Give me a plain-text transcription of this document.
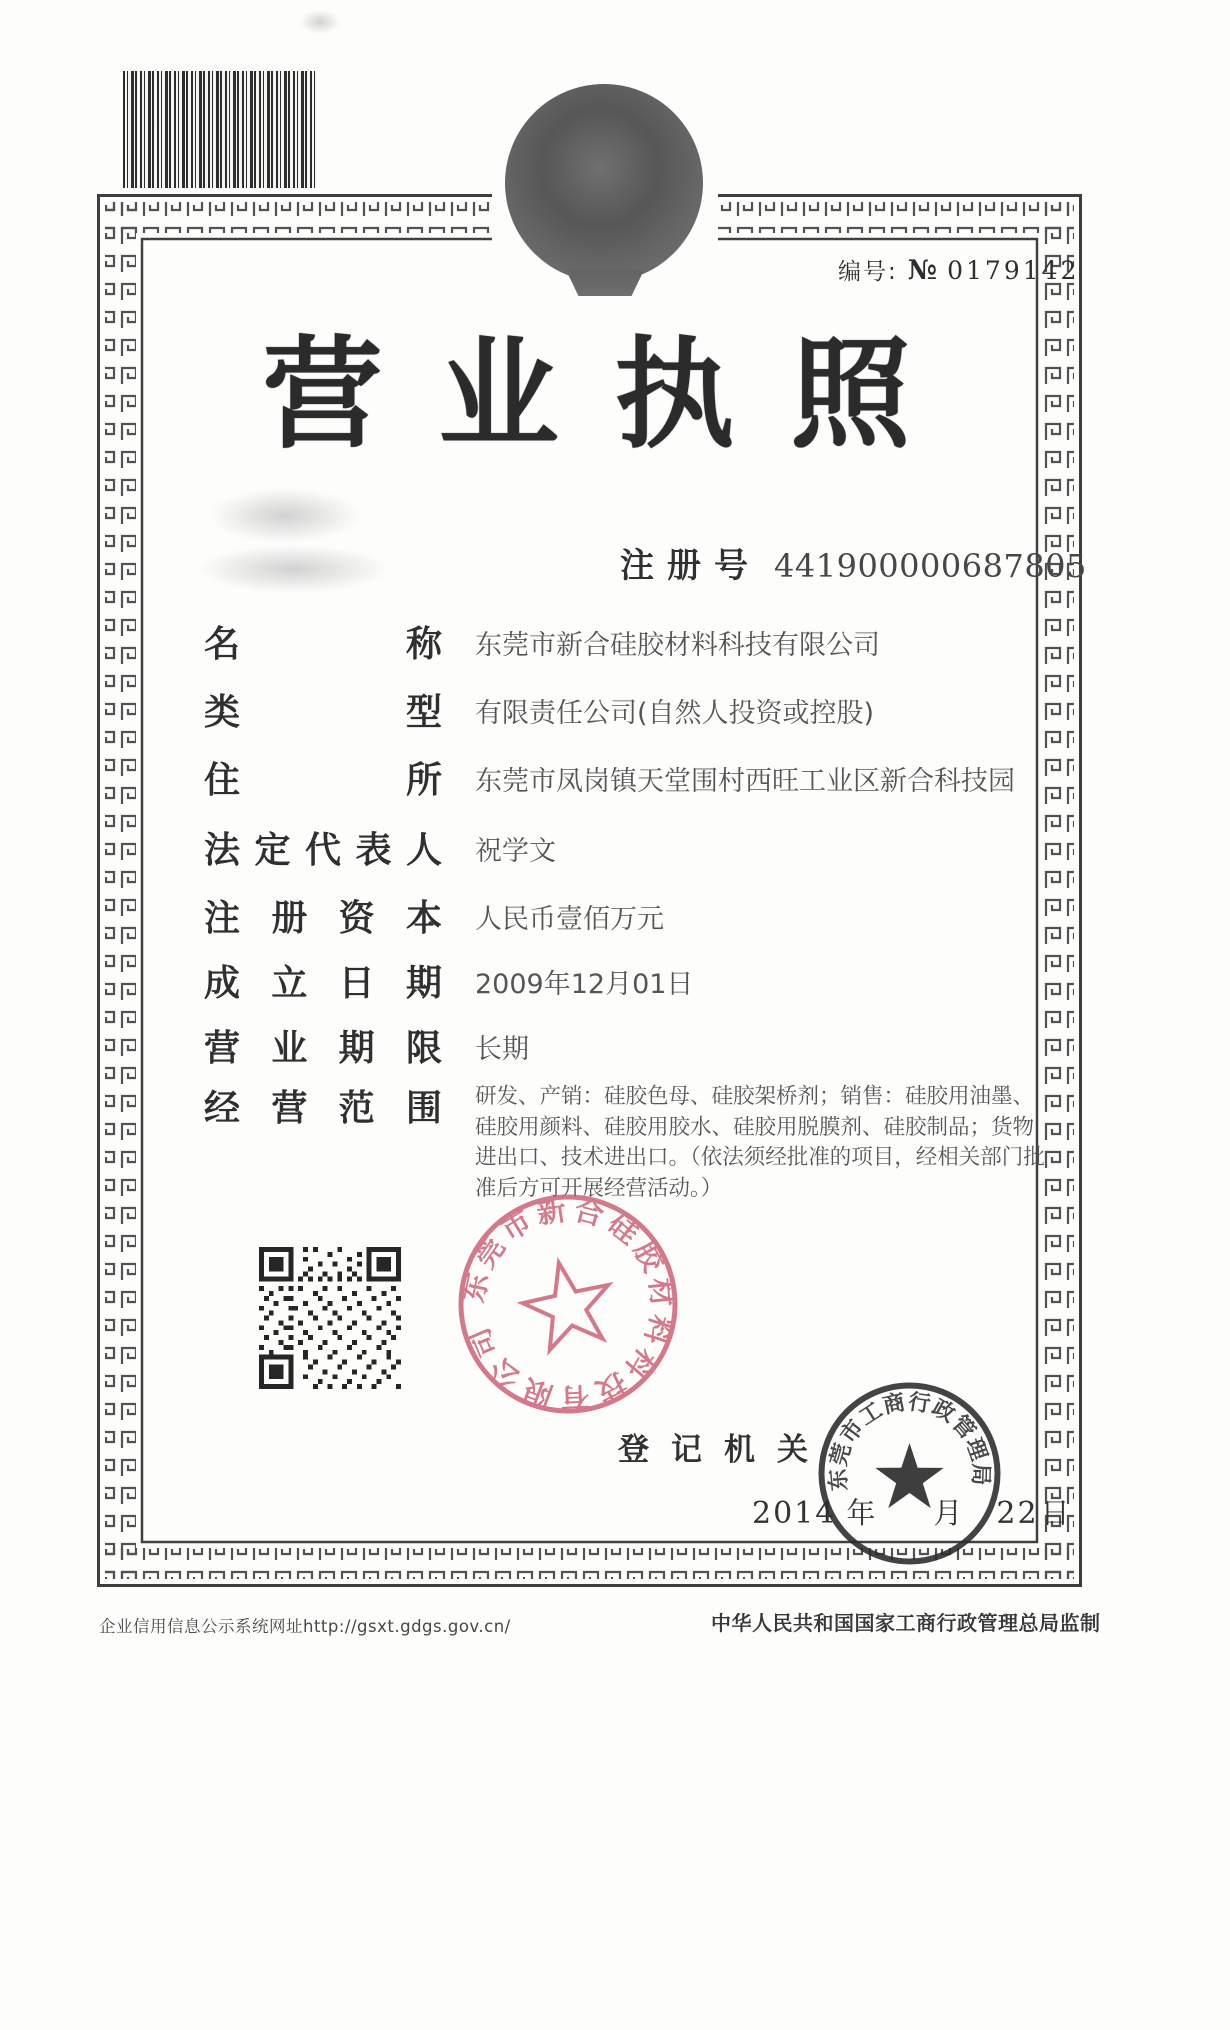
编号: № 0179142
营业执照
注 册 号 441900000687805
名 称 东莞市新合硅胶材料科技有限公司
类 型 有限责任公司(自然人投资或控股)
住 所 东莞市凤岗镇天堂围村西旺工业区新合科技园
法 定 代 表 人 祝学文
注 册 资 本 人民币壹佰万元
成 立 日 期 2009年12月01日
营 业 期 限 长期
经 营 范 围 研发、产销：硅胶色母、硅胶架桥剂；销售：硅胶用油墨、硅胶用颜料、硅胶用胶水、硅胶用脱膜剂、硅胶制品；货物进出口、技术进出口。（依法须经批准的项目，经相关部门批准后方可开展经营活动。）
东莞市新合硅胶材料科技有限公司
登 记 机 关
2014 年 月 22 日
东莞市工商行政管理局
企业信用信息公示系统网址http://gsxt.gdgs.gov.cn/	中华人民共和国国家工商行政管理总局监制
